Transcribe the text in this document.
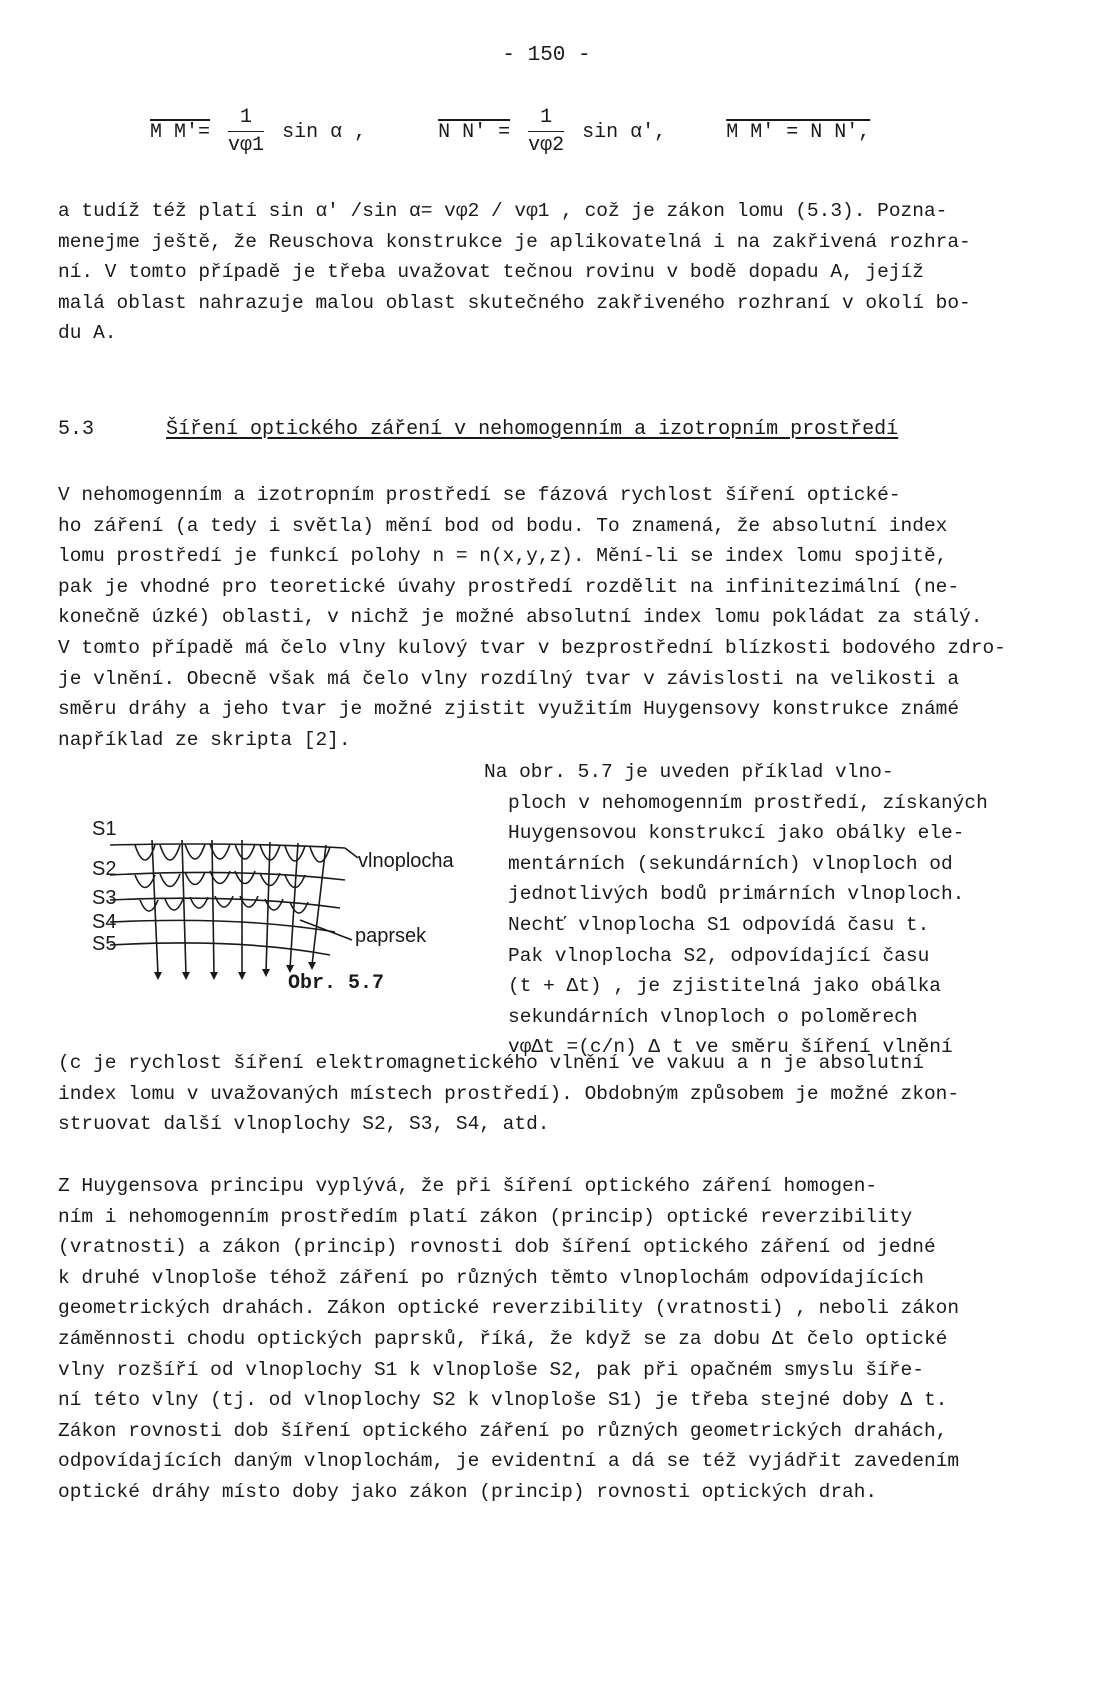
- 150 -
M $M'= \frac{1}{v\varphi 1}$ sin α ,	N $N' = \frac{1}{v\varphi 2}$ sin α′,	M M′ = N N′,
a tudíž též platí sin α′ /sin α= vφ2 / vφ1 , což je zákon lomu (5.3). Pozna-
menejme ještě, že Reuschova konstrukce je aplikovatelná i na zakřivená rozhra-
ní. V tomto případě je třeba uvažovat tečnou rovinu v bodě dopadu A, jejíž
malá oblast nahrazuje malou oblast skutečného zakřiveného rozhraní v okolí bo-
du A.
5.3	Šíření optického záření v nehomogenním a izotropním prostředí
V nehomogenním a izotropním prostředí se fázová rychlost šíření optické-
ho záření (a tedy i světla) mění bod od bodu. To znamená, že absolutní index
lomu prostředí je funkcí polohy n = n(x,y,z). Mění-li se index lomu spojitě,
pak je vhodné pro teoretické úvahy prostředí rozdělit na infinitezimální (ne-
konečně úzké) oblasti, v nichž je možné absolutní index lomu pokládat za stálý.
V tomto případě má čelo vlny kulový tvar v bezprostřední blízkosti bodového zdro-
je vlnění. Obecně však má čelo vlny rozdílný tvar v závislosti na velikosti a
směru dráhy a jeho tvar je možné zjistit využitím Huygensovy konstrukce známé
například ze skripta [2].
S1
S2
S3
S4
S5
vlnoplocha
paprsek
Obr. 5.7
Na obr. 5.7 je uveden příklad vlno-
ploch v nehomogenním prostředí, získaných
Huygensovou konstrukcí jako obálky ele-
mentárních (sekundárních) vlnoploch od
jednotlivých bodů primárních vlnoploch.
Nechť vlnoplocha S1 odpovídá času t.
Pak vlnoplocha S2, odpovídající času
(t + Δt) , je zjistitelná jako obálka
sekundárních vlnoploch o poloměrech
vφΔt =(c/n) Δ t ve směru šíření vlnění
(c je rychlost šíření elektromagnetického vlnění ve vakuu a n je absolutní
index lomu v uvažovaných místech prostředí). Obdobným způsobem je možné zkon-
struovat další vlnoplochy S2, S3, S4, atd.
Z Huygensova principu vyplývá, že při šíření optického záření homogen-
ním i nehomogenním prostředím platí zákon (princip) optické reverzibility
(vratnosti) a zákon (princip) rovnosti dob šíření optického záření od jedné
k druhé vlnoploše téhož záření po různých těmto vlnoplochám odpovídajících
geometrických drahách. Zákon optické reverzibility (vratnosti) , neboli zákon
záměnnosti chodu optických paprsků, říká, že když se za dobu Δt čelo optické
vlny rozšíří od vlnoplochy S1 k vlnoploše S2, pak při opačném smyslu šíře-
ní této vlny (tj. od vlnoplochy S2 k vlnoploše S1) je třeba stejné doby Δ t.
Zákon rovnosti dob šíření optického záření po různých geometrických drahách,
odpovídajících daným vlnoplochám, je evidentní a dá se též vyjádřit zavedením
optické dráhy místo doby jako zákon (princip) rovnosti optických drah.
